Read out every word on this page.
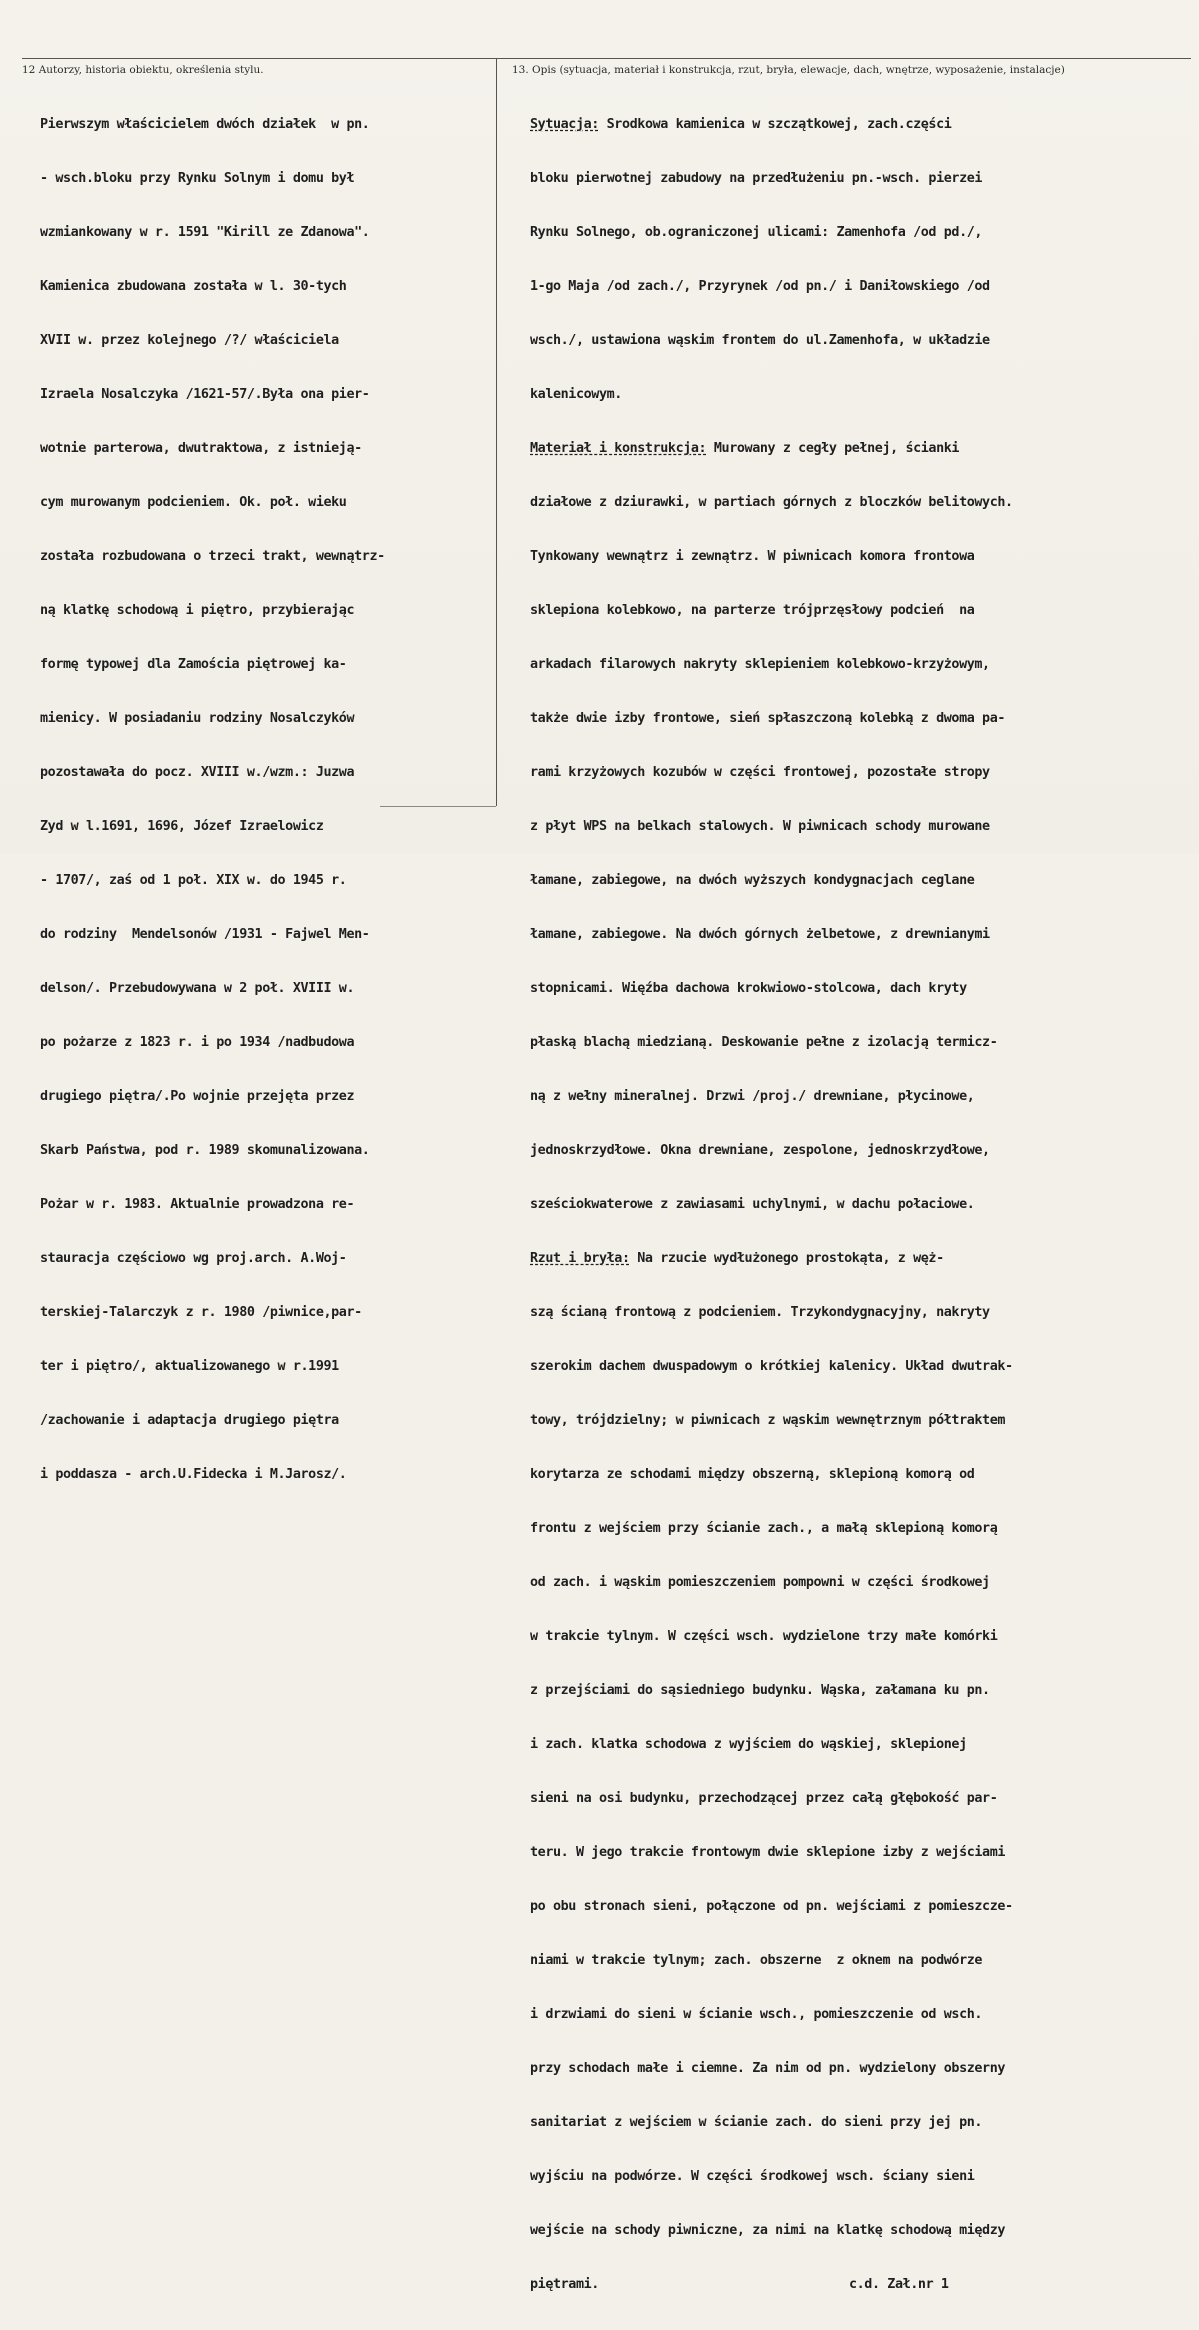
12 Autorzy, historia obiektu, określenia stylu.	13. Opis (sytuacja, materiał i konstrukcja, rzut, bryła, elewacje, dach, wnętrze, wyposażenie, instalacje)

Pierwszym właścicielem dwóch działek  w pn.

- wsch.bloku przy Rynku Solnym i domu był

wzmiankowany w r. 1591 "Kirill ze Zdanowa".

Kamienica zbudowana została w l. 30-tych

XVII w. przez kolejnego /?/ właściciela

Izraela Nosalczyka /1621-57/.Była ona pier-

wotnie parterowa, dwutraktowa, z istnieją-

cym murowanym podcieniem. Ok. poł. wieku

została rozbudowana o trzeci trakt, wewnątrz-

ną klatkę schodową i piętro, przybierając

formę typowej dla Zamościa piętrowej ka-

mienicy. W posiadaniu rodziny Nosalczyków

pozostawała do pocz. XVIII w./wzm.: Juzwa

Zyd w l.1691, 1696, Józef Izraelowicz

- 1707/, zaś od 1 poł. XIX w. do 1945 r.

do rodziny  Mendelsonów /1931 - Fajwel Men-

delson/. Przebudowywana w 2 poł. XVIII w.

po pożarze z 1823 r. i po 1934 /nadbudowa

drugiego piętra/.Po wojnie przejęta przez

Skarb Państwa, pod r. 1989 skomunalizowana.

Pożar w r. 1983. Aktualnie prowadzona re-

stauracja częściowo wg proj.arch. A.Woj-

terskiej-Talarczyk z r. 1980 /piwnice,par-

ter i piętro/, aktualizowanego w r.1991

/zachowanie i adaptacja drugiego piętra

i poddasza - arch.U.Fidecka i M.Jarosz/.

Sytuacja: Srodkowa kamienica w szczątkowej, zach.części

bloku pierwotnej zabudowy na przedłużeniu pn.-wsch. pierzei

Rynku Solnego, ob.ograniczonej ulicami: Zamenhofa /od pd./,

1-go Maja /od zach./, Przyrynek /od pn./ i Daniłowskiego /od

wsch./, ustawiona wąskim frontem do ul.Zamenhofa, w układzie

kalenicowym.

Materiał i konstrukcja: Murowany z cegły pełnej, ścianki

działowe z dziurawki, w partiach górnych z bloczków belitowych.

Tynkowany wewnątrz i zewnątrz. W piwnicach komora frontowa

sklepiona kolebkowo, na parterze trójprzęsłowy podcień  na

arkadach filarowych nakryty sklepieniem kolebkowo-krzyżowym,

także dwie izby frontowe, sień spłaszczoną kolebką z dwoma pa-

rami krzyżowych kozubów w części frontowej, pozostałe stropy

z płyt WPS na belkach stalowych. W piwnicach schody murowane

łamane, zabiegowe, na dwóch wyższych kondygnacjach ceglane

łamane, zabiegowe. Na dwóch górnych żelbetowe, z drewnianymi

stopnicami. Więźba dachowa krokwiowo-stolcowa, dach kryty

płaską blachą miedzianą. Deskowanie pełne z izolacją termicz-

ną z wełny mineralnej. Drzwi /proj./ drewniane, płycinowe,

jednoskrzydłowe. Okna drewniane, zespolone, jednoskrzydłowe,

sześciokwaterowe z zawiasami uchylnymi, w dachu połaciowe.

Rzut i bryła: Na rzucie wydłużonego prostokąta, z węż-

szą ścianą frontową z podcieniem. Trzykondygnacyjny, nakryty

szerokim dachem dwuspadowym o krótkiej kalenicy. Układ dwutrak-

towy, trójdzielny; w piwnicach z wąskim wewnętrznym półtraktem

korytarza ze schodami między obszerną, sklepioną komorą od

frontu z wejściem przy ścianie zach., a małą sklepioną komorą

od zach. i wąskim pomieszczeniem pompowni w części środkowej

w trakcie tylnym. W części wsch. wydzielone trzy małe komórki

z przejściami do sąsiedniego budynku. Wąska, załamana ku pn.

i zach. klatka schodowa z wyjściem do wąskiej, sklepionej

sieni na osi budynku, przechodzącej przez całą głębokość par-

teru. W jego trakcie frontowym dwie sklepione izby z wejściami

po obu stronach sieni, połączone od pn. wejściami z pomieszcze-

niami w trakcie tylnym; zach. obszerne  z oknem na podwórze

i drzwiami do sieni w ścianie wsch., pomieszczenie od wsch.

przy schodach małe i ciemne. Za nim od pn. wydzielony obszerny

sanitariat z wejściem w ścianie zach. do sieni przy jej pn.

wyjściu na podwórze. W części środkowej wsch. ściany sieni

wejście na schody piwniczne, za nimi na klatkę schodową między

piętrami.	c.d. Zał.nr 1
